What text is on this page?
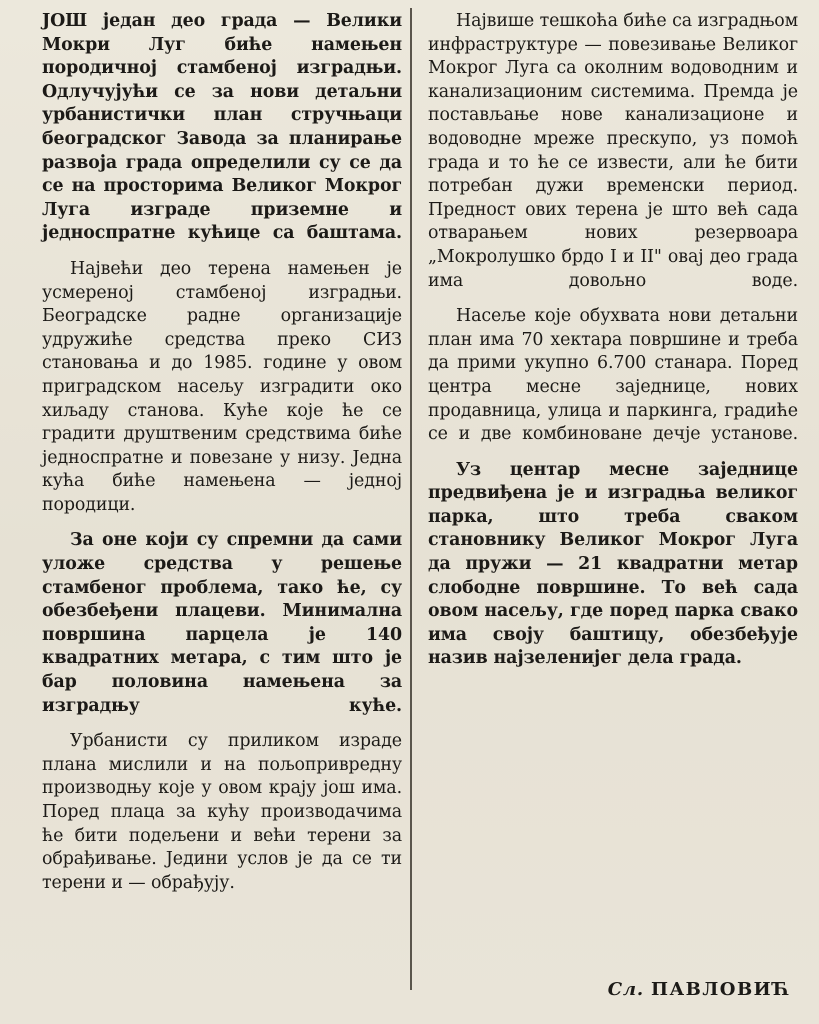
ЈОШ један део града — Велики Мокри Луг биће намењен породичној стамбеној изградњи. Одлучујући се за нови детаљни урбанистички план стручњаци београдског Завода за планирање развоја града определили су се да се на просторима Великог Мокрог Луга изграде приземне и једноспратне кућице са баштама.

Највећи део терена намењен је усмереној стамбеној изградњи. Београдске радне организације удружиће средства преко СИЗ становања и до 1985. године у овом приградском насељу изградити око хиљаду станова. Куће које ће се градити друштвеним средствима биће једноспратне и повезане у низу. Једна кућа биће намењена — једној породици.

За оне који су спремни да сами уложе средства у решење стамбеног проблема, тако ће, су обезбеђени плацеви. Минимална површина парцела је 140 квадратних метара, с тим што је бар половина намењена за изградњу куће.

Урбанисти су приликом израде плана мислили и на пољопривредну производњу које у овом крају још има. Поред плаца за кућу производачима ће бити подељени и већи терени за обрађивање. Једини услов је да се ти терени и — обрађују.

Највише тешкоћа биће са изградњом инфраструктуре — повезивање Великог Мокрог Луга са околним водоводним и канализационим системима. Премда је постављање нове канализационе и водоводне мреже прескупо, уз помоћ града и то ће се извести, али ће бити потребан дужи временски период. Предност ових терена је што већ сада отварањем нових резервоара „Мокролушко брдо I и II" овај део града има довољно воде.

Насеље које обухвата нови детаљни план има 70 хектара површине и треба да прими укупно 6.700 станара. Поред центра месне заједнице, нових продавница, улица и паркинга, градиће се и две комбиноване дечје установе.

Уз центар месне заједнице предвиђена је и изградња великог парка, што треба сваком становнику Великог Мокрог Луга да пружи — 21 квадратни метар слободне површине. То већ сада овом насељу, где поред парка свако има своју баштицу, обезбеђује назив најзеленијег дела града.

Сл. ПАВЛОВИЋ
